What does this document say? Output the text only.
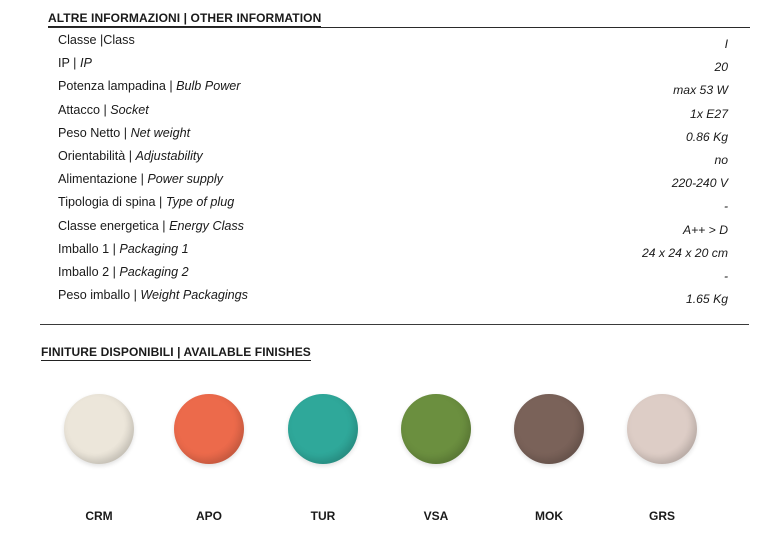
ALTRE INFORMAZIONI | OTHER INFORMATION
Classe |Class	I
IP | IP	20
Potenza lampadina | Bulb Power	max 53 W
Attacco | Socket	1x E27
Peso Netto | Net weight	0.86 Kg
Orientabilità | Adjustability	no
Alimentazione | Power supply	220-240 V
Tipologia di spina | Type of plug	-
Classe energetica | Energy Class	A++ > D
Imballo 1 | Packaging 1	24 x 24 x 20 cm
Imballo 2 | Packaging 2	-
Peso imballo | Weight Packagings	1.65 Kg
FINITURE DISPONIBILI | AVAILABLE FINISHES
CRM	APO	TUR	VSA	MOK	GRS
